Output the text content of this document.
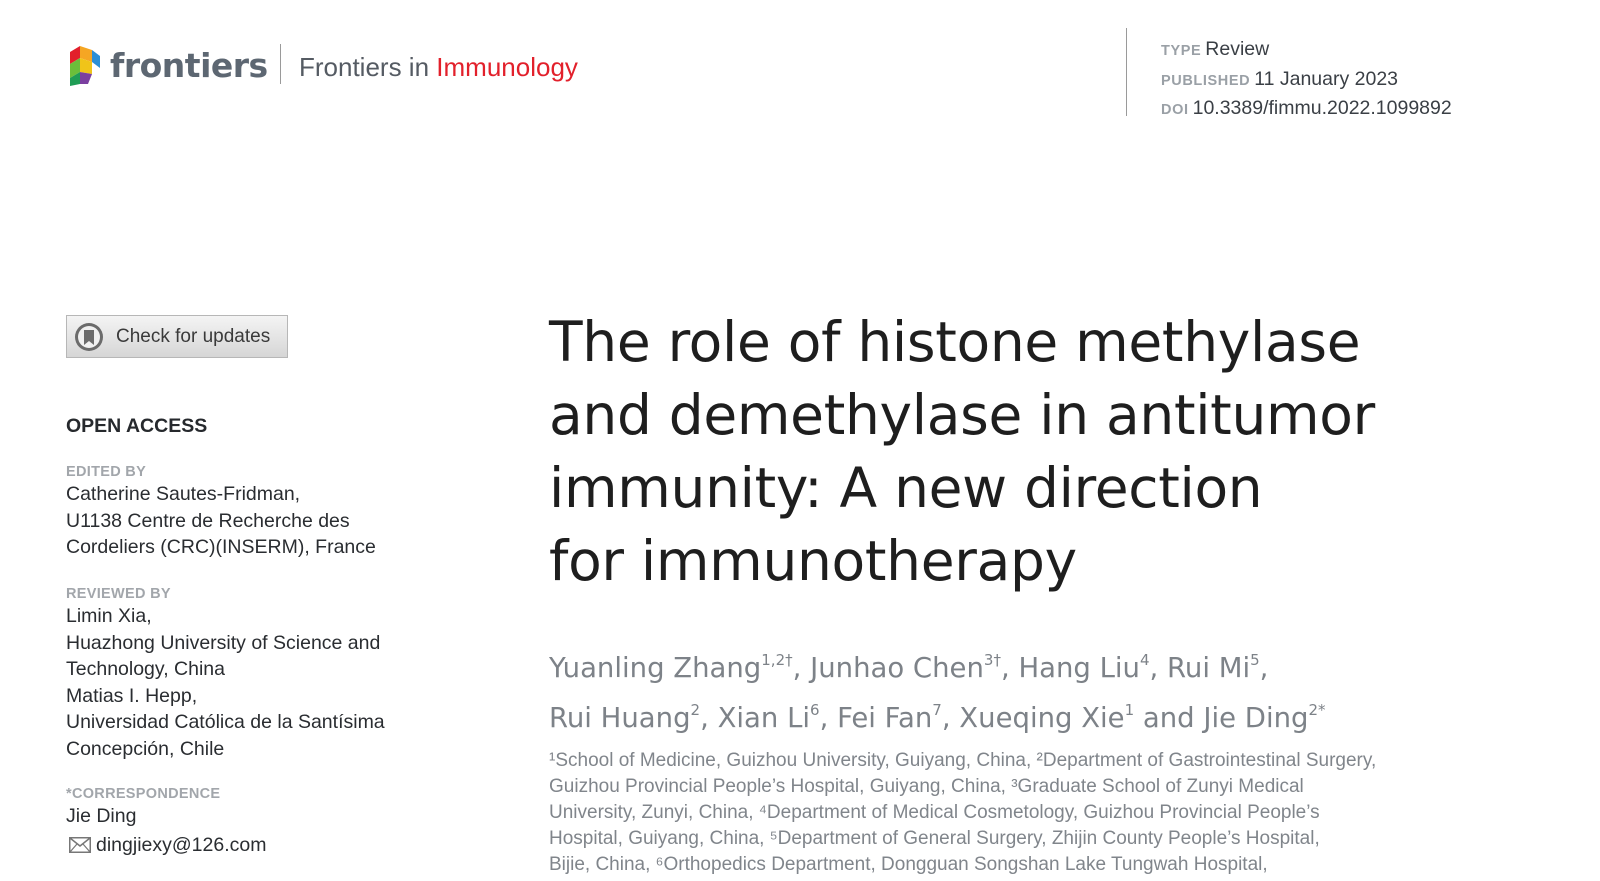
frontiers Frontiers in Immunology
TYPE Review
PUBLISHED 11 January 2023
DOI 10.3389/fimmu.2022.1099892
Check for updates
OPEN ACCESS

EDITED BY

Catherine Sautes-Fridman,
U1138 Centre de Recherche des
Cordeliers (CRC)(INSERM), France

REVIEWED BY

Limin Xia,
Huazhong University of Science and
Technology, China
Matias I. Hepp,
Universidad Católica de la Santísima
Concepción, Chile

*CORRESPONDENCE

Jie Ding
dingjiexy@126.com
The role of histone methylase
and demethylase in antitumor
immunity: A new direction
for immunotherapy
Yuanling Zhang$^{1,2\dagger}$, Junhao Chen$^{3\dagger}$, Hang Liu$^4$, Rui Mi$^5$,
Rui Huang$^2$, Xian Li$^6$, Fei Fan$^7$, Xueqing Xie$^1$ and Jie Ding$^{2*}$
¹School of Medicine, Guizhou University, Guiyang, China, ²Department of Gastrointestinal Surgery,
Guizhou Provincial People’s Hospital, Guiyang, China, ³Graduate School of Zunyi Medical
University, Zunyi, China, ⁴Department of Medical Cosmetology, Guizhou Provincial People’s
Hospital, Guiyang, China, ⁵Department of General Surgery, Zhijin County People’s Hospital,
Bijie, China, ⁶Orthopedics Department, Dongguan Songshan Lake Tungwah Hospital,
